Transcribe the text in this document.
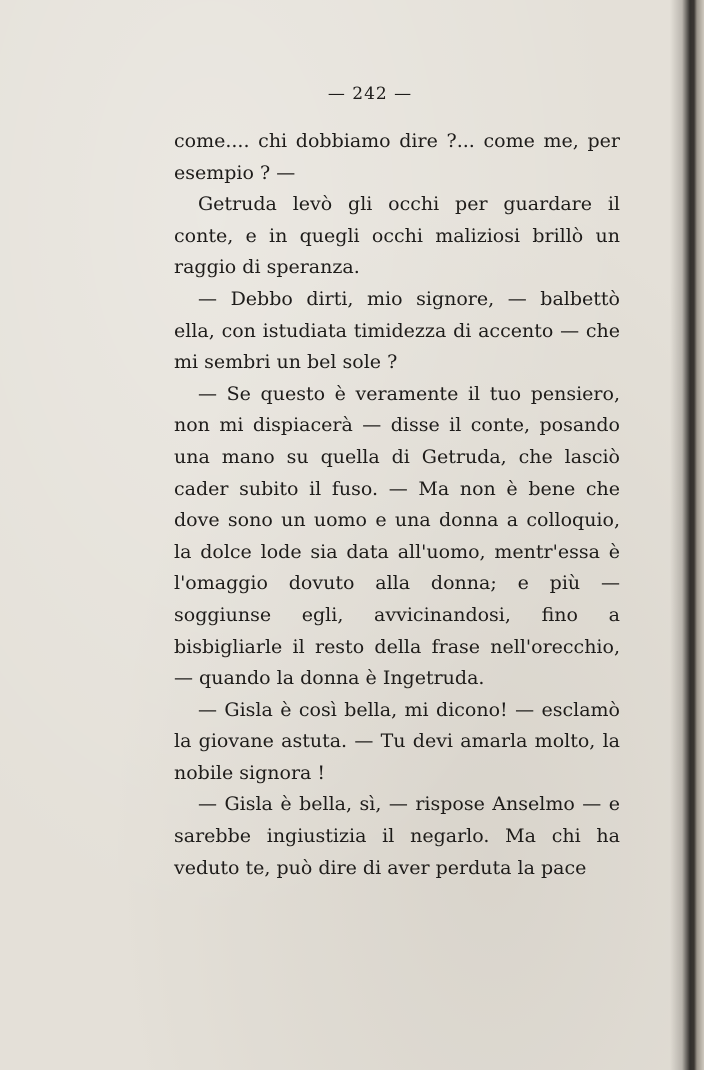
— 242 —

come.... chi dobbiamo dire ?... come me, per esempio ? —

Getruda levò gli occhi per guardare il conte, e in quegli occhi maliziosi brillò un raggio di speranza.

— Debbo dirti, mio signore, — balbettò ella, con istudiata timidezza di accento — che mi sembri un bel sole ?

— Se questo è veramente il tuo pensiero, non mi dispiacerà — disse il conte, posando una mano su quella di Getruda, che lasciò cader subito il fuso. — Ma non è bene che dove sono un uomo e una donna a colloquio, la dolce lode sia data all'uomo, mentr'essa è l'omaggio dovuto alla donna; e più — soggiunse egli, avvicinandosi, fino a bisbigliarle il resto della frase nell'orecchio, — quando la donna è Ingetruda.

— Gisla è così bella, mi dicono! — esclamò la giovane astuta. — Tu devi amarla molto, la nobile signora !

— Gisla è bella, sì, — rispose Anselmo — e sarebbe ingiustizia il negarlo. Ma chi ha veduto te, può dire di aver perduta la pace
